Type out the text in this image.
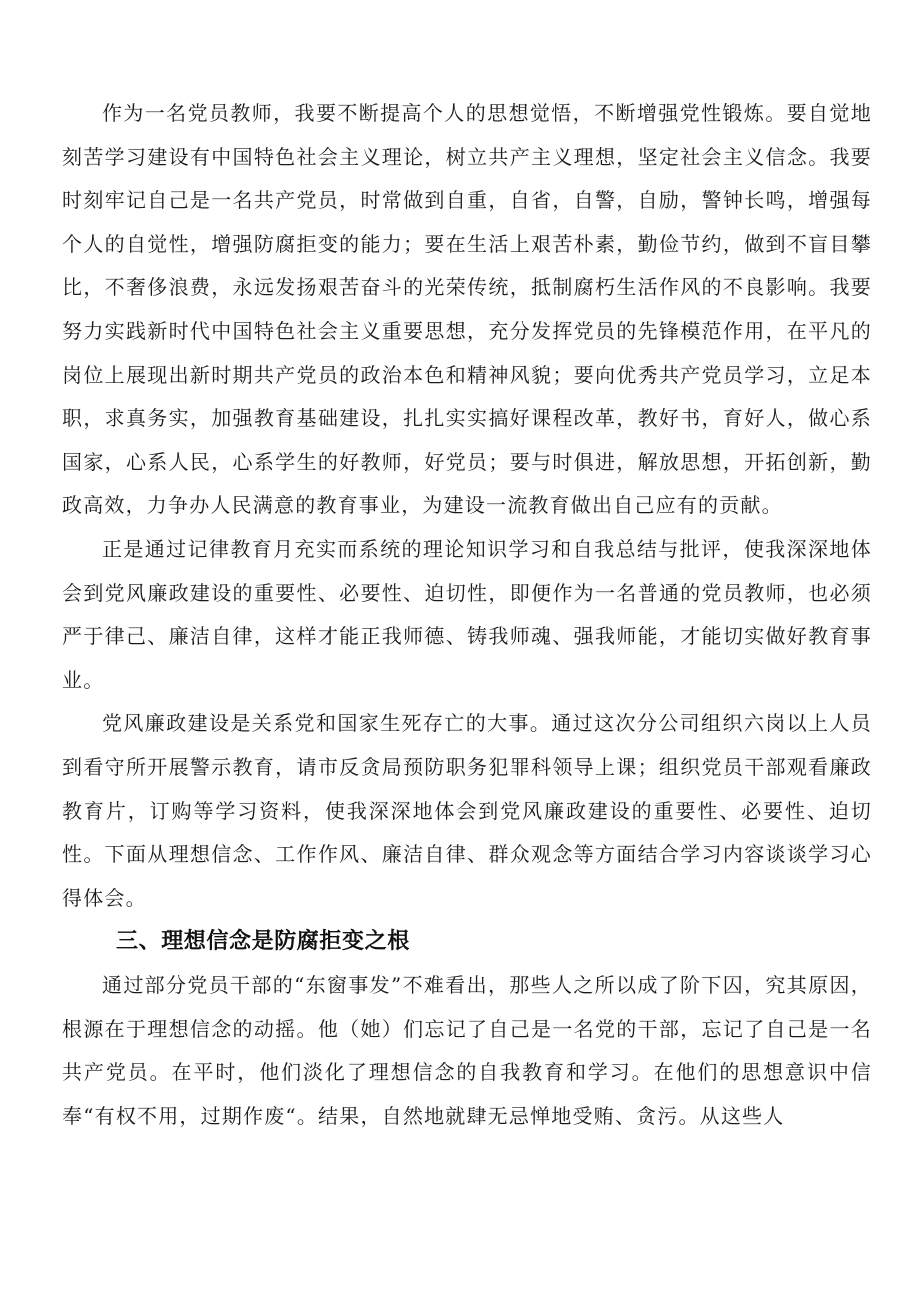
作为一名党员教师，我要不断提高个人的思想觉悟，不断增强党性锻炼。要自觉地刻苦学习建设有中国特色社会主义理论，树立共产主义理想，坚定社会主义信念。我要时刻牢记自己是一名共产党员，时常做到自重，自省，自警，自励，警钟长鸣，增强每个人的自觉性，增强防腐拒变的能力；要在生活上艰苦朴素，勤俭节约，做到不盲目攀比，不奢侈浪费，永远发扬艰苦奋斗的光荣传统，抵制腐朽生活作风的不良影响。我要努力实践新时代中国特色社会主义重要思想，充分发挥党员的先锋模范作用，在平凡的岗位上展现出新时期共产党员的政治本色和精神风貌；要向优秀共产党员学习，立足本职，求真务实，加强教育基础建设，扎扎实实搞好课程改革，教好书，育好人，做心系国家，心系人民，心系学生的好教师，好党员；要与时俱进，解放思想，开拓创新，勤政高效，力争办人民满意的教育事业，为建设一流教育做出自己应有的贡献。

正是通过记律教育月充实而系统的理论知识学习和自我总结与批评，使我深深地体会到党风廉政建设的重要性、必要性、迫切性，即便作为一名普通的党员教师，也必须严于律己、廉洁自律，这样才能正我师德、铸我师魂、强我师能，才能切实做好教育事业。

党风廉政建设是关系党和国家生死存亡的大事。通过这次分公司组织六岗以上人员到看守所开展警示教育，请市反贪局预防职务犯罪科领导上课；组织党员干部观看廉政教育片，订购等学习资料，使我深深地体会到党风廉政建设的重要性、必要性、迫切性。下面从理想信念、工作作风、廉洁自律、群众观念等方面结合学习内容谈谈学习心得体会。

三、理想信念是防腐拒变之根

通过部分党员干部的“东窗事发”不难看出，那些人之所以成了阶下囚，究其原因，根源在于理想信念的动摇。他（她）们忘记了自己是一名党的干部，忘记了自己是一名共产党员。在平时，他们淡化了理想信念的自我教育和学习。在他们的思想意识中信奉“有权不用，过期作废“。结果，自然地就肆无忌惮地受贿、贪污。从这些人
